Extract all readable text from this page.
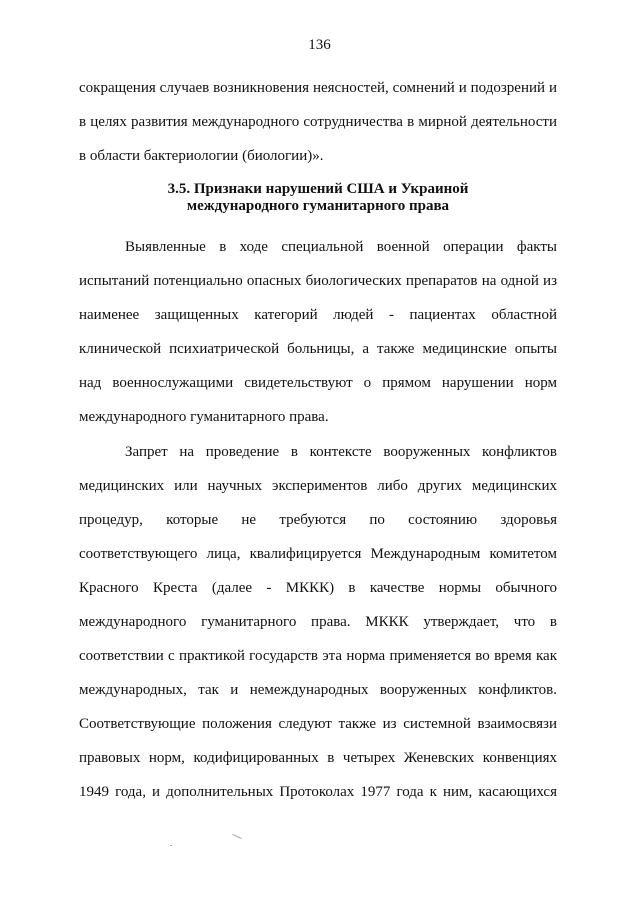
136
сокращения случаев возникновения неясностей, сомнений и подозрений и
в целях развития международного сотрудничества в мирной деятельности
в области бактериологии (биологии)».
3.5. Признаки нарушений США и Украиной
международного гуманитарного права
Выявленные в ходе специальной военной операции факты
испытаний потенциально опасных биологических препаратов на одной из
наименее защищенных категорий людей - пациентах областной
клинической психиатрической больницы, а также медицинские опыты
над военнослужащими свидетельствуют о прямом нарушении норм
международного гуманитарного права.
Запрет на проведение в контексте вооруженных конфликтов
медицинских или научных экспериментов либо других медицинских
процедур, которые не требуются по состоянию здоровья
соответствующего лица, квалифицируется Международным комитетом
Красного Креста (далее - МККК) в качестве нормы обычного
международного гуманитарного права. МККК утверждает, что в
соответствии с практикой государств эта норма применяется во время как
международных, так и немеждународных вооруженных конфликтов.
Соответствующие положения следуют также из системной взаимосвязи
правовых норм, кодифицированных в четырех Женевских конвенциях
1949 года, и дополнительных Протоколах 1977 года к ним, касающихся
